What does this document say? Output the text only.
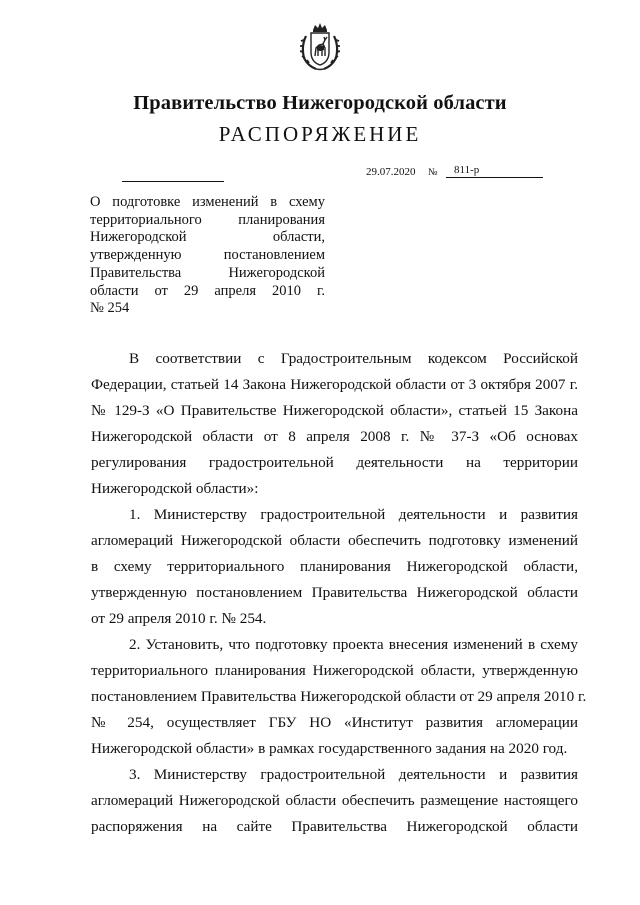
Правительство Нижегородской области
РАСПОРЯЖЕНИЕ
29.07.2020 №	811-р
О подготовке изменений в схему
территориального планирования
Нижегородской области,
утвержденную постановлением
Правительства Нижегородской
области от 29 апреля 2010 г.
№ 254

В соответствии с Градостроительным кодексом Российской
Федерации, статьей 14 Закона Нижегородской области от 3 октября 2007 г.
№ 129-З «О Правительстве Нижегородской области», статьей 15 Закона
Нижегородской области от 8 апреля 2008 г. № 37-З «Об основах
регулирования градостроительной деятельности на территории
Нижегородской области»:

1. Министерству градостроительной деятельности и развития
агломераций Нижегородской области обеспечить подготовку изменений
в схему территориального планирования Нижегородской области,
утвержденную постановлением Правительства Нижегородской области
от 29 апреля 2010 г. № 254.

2. Установить, что подготовку проекта внесения изменений в схему
территориального планирования Нижегородской области, утвержденную
постановлением Правительства Нижегородской области от 29 апреля 2010 г.
№ 254, осуществляет ГБУ НО «Институт развития агломерации
Нижегородской области» в рамках государственного задания на 2020 год.

3. Министерству градостроительной деятельности и развития
агломераций Нижегородской области обеспечить размещение настоящего
распоряжения на сайте Правительства Нижегородской области
